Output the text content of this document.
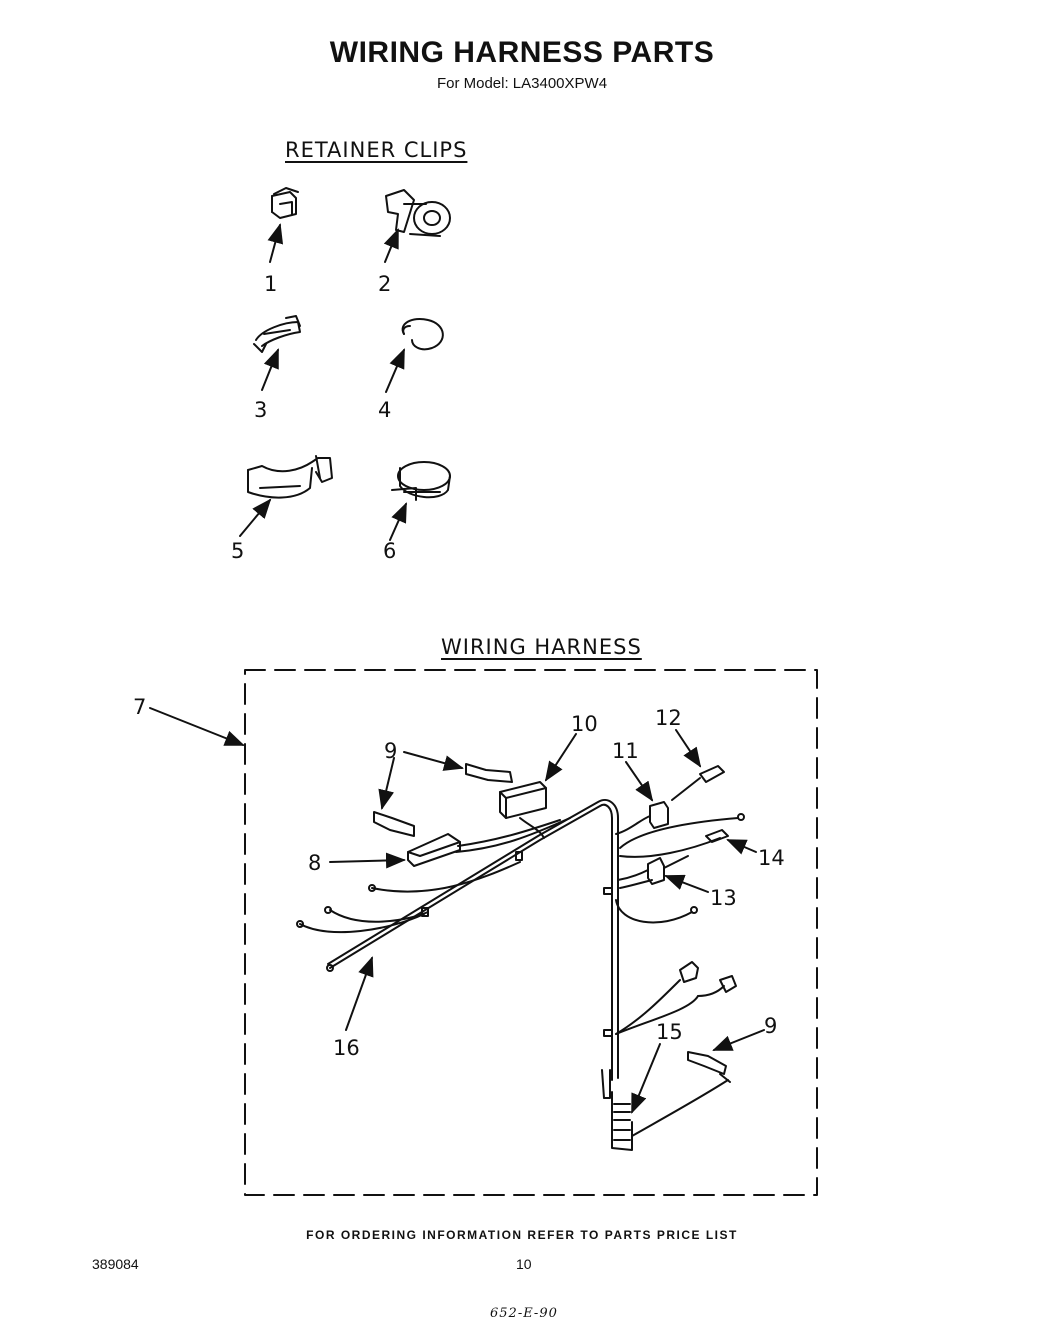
WIRING HARNESS PARTS
For Model: LA3400XPW4
RETAINER CLIPS
WIRING HARNESS
1	2
3	4
5	6
7
8
9
10
11
12
13
14
15
16
9
FOR ORDERING INFORMATION REFER TO PARTS PRICE LIST
389084	10
652-E-90
